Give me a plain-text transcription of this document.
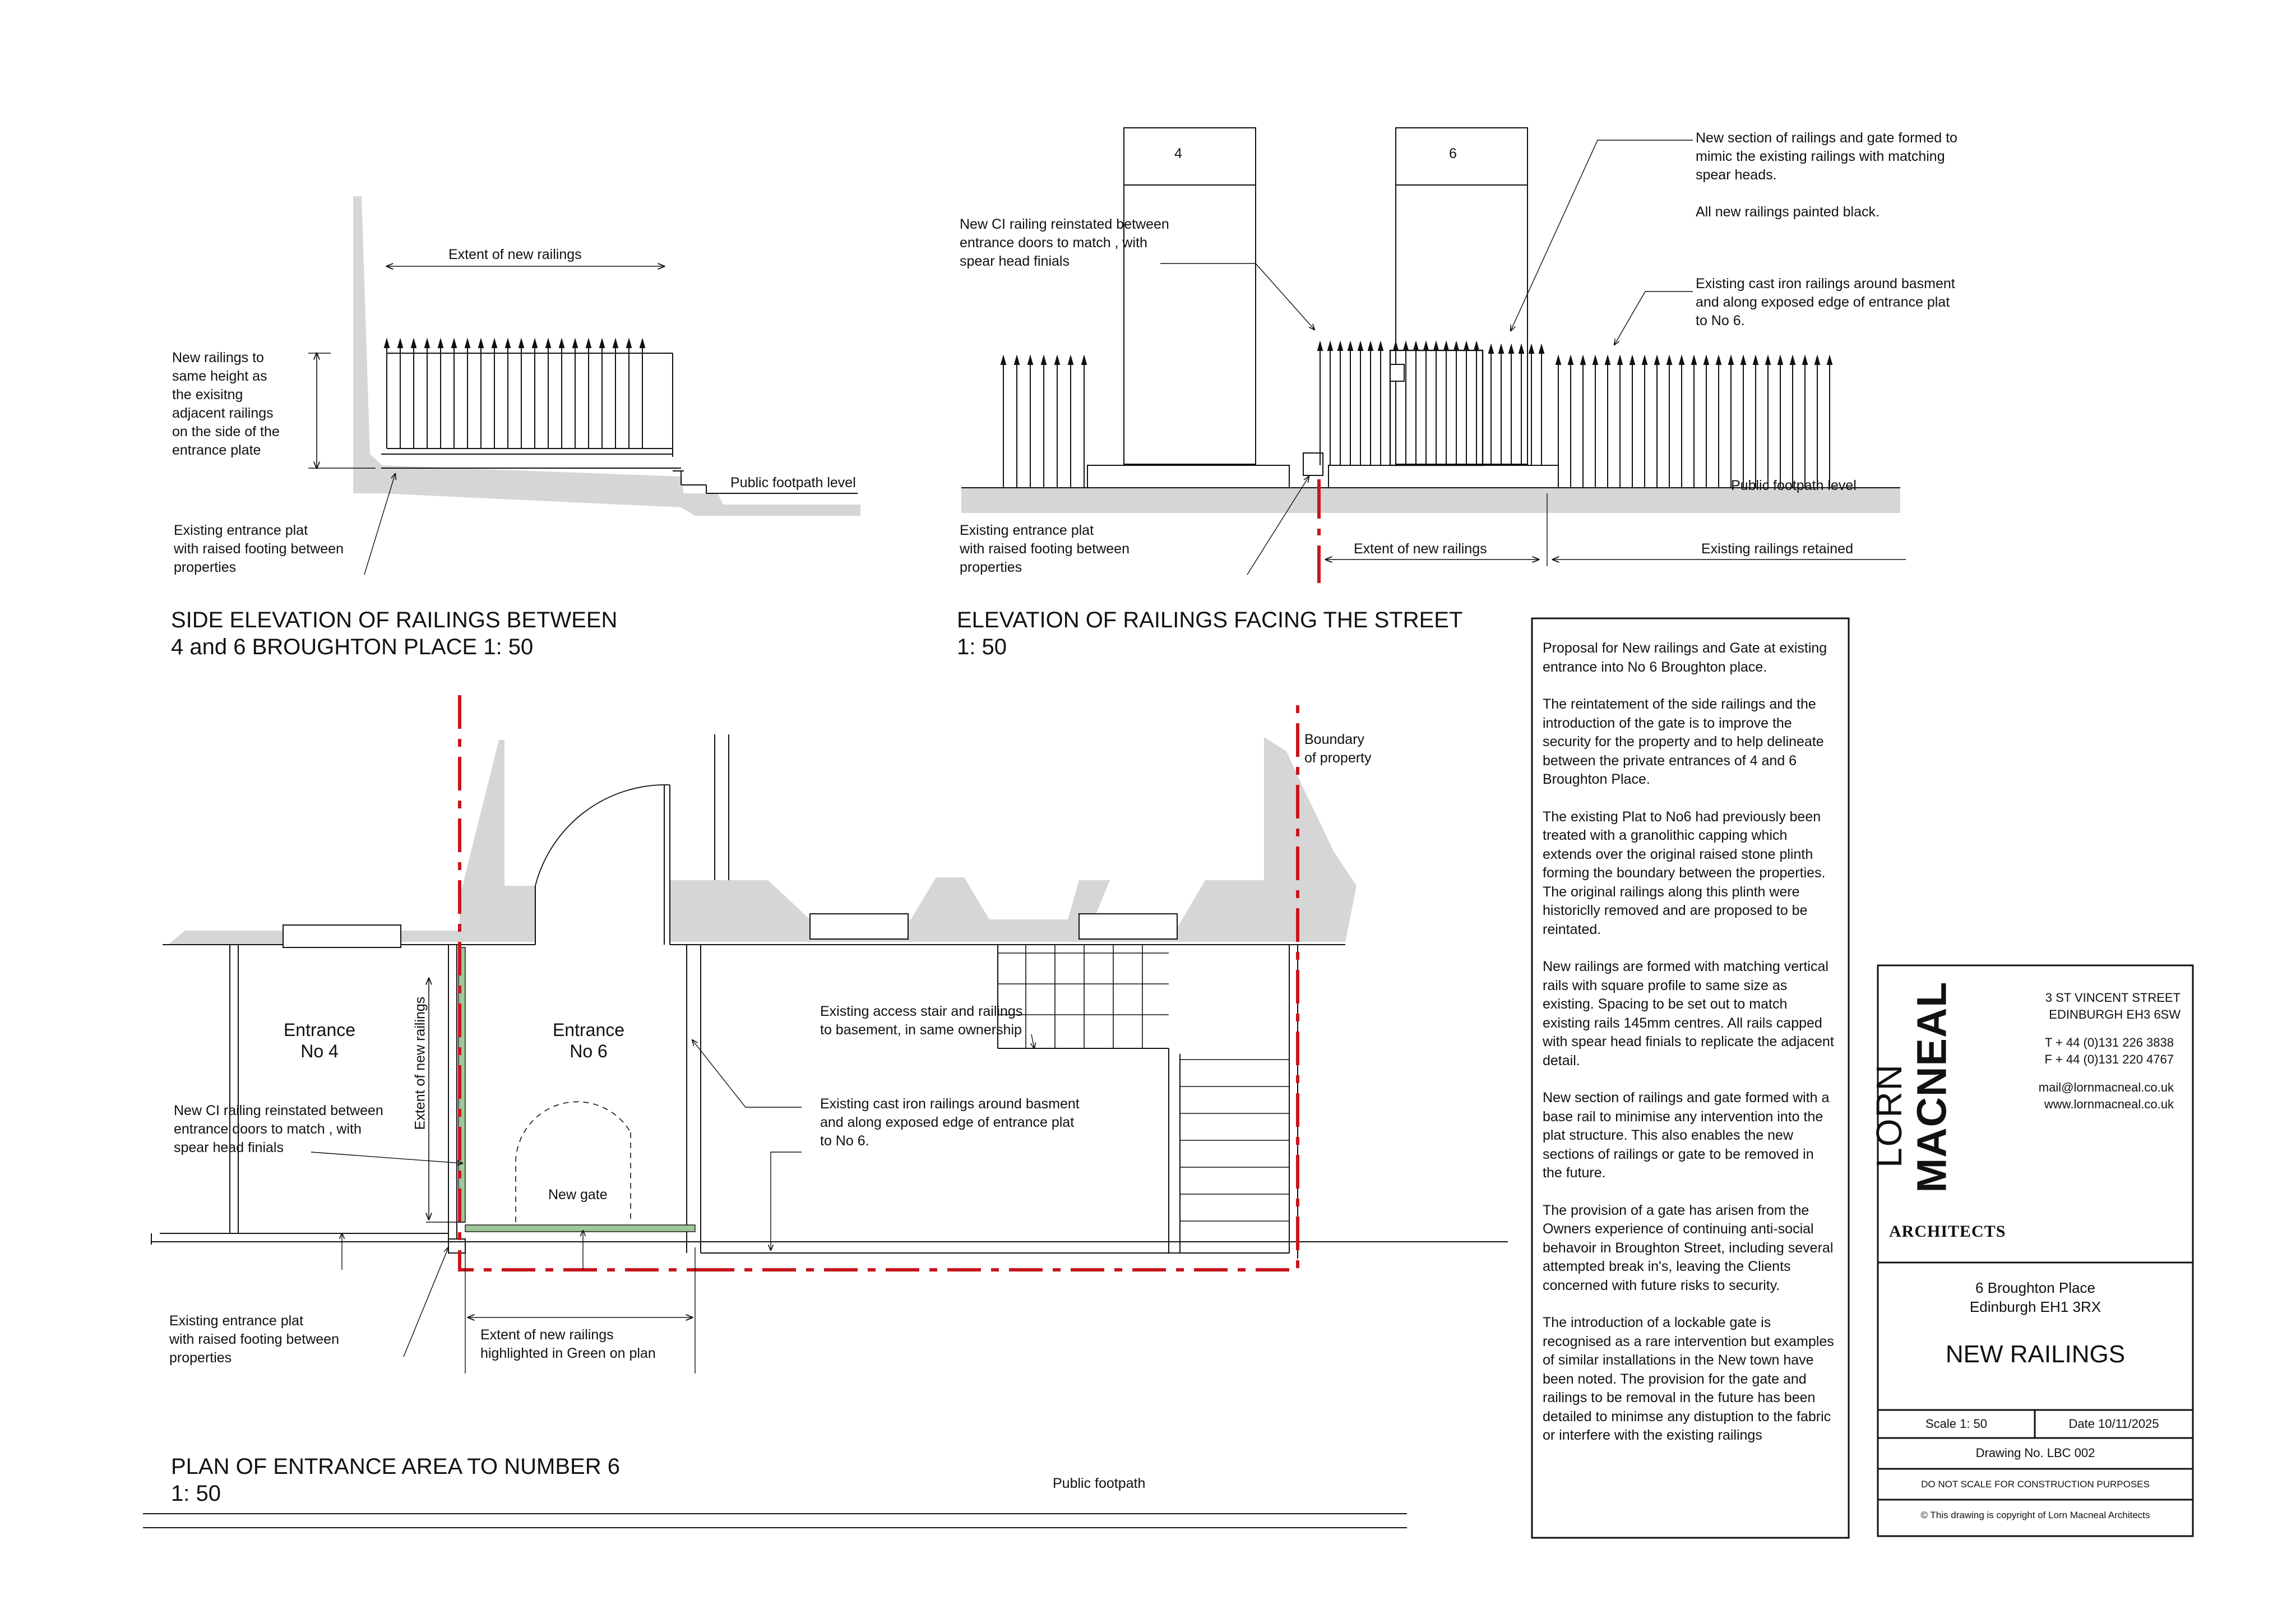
Extent of new railings
New railings to
same height as
the exisitng
adjacent railings
on the side of the
entrance plate
Public footpath level
Existing entrance plat
with raised footing between
properties
SIDE ELEVATION OF RAILINGS BETWEEN
4 and 6 BROUGHTON PLACE 1: 50
4	6
New CI railing reinstated between
entrance doors to match , with
spear head finials
New section of railings and gate formed to
mimic the existing railings with matching
spear heads.

All new railings painted black.
Existing cast iron railings around basment
and along exposed edge of entrance plat
to No 6.
Public footpath level
Existing entrance plat
with raised footing between
properties
Extent of new railings	Existing railings retained
ELEVATION OF RAILINGS FACING THE STREET
1: 50
Boundary
of property
Entrance
No 4
Entrance
No 6
Extent of new railings
New CI railing reinstated between
entrance doors to match , with
spear head finials
New gate
Existing access stair and railings
to basement, in same ownership
Existing cast iron railings around basment
and along exposed edge of entrance plat
to No 6.
Existing entrance plat
with raised footing between
properties
Extent of new railings
highlighted in Green on plan
Public footpath
PLAN OF ENTRANCE AREA TO NUMBER 6
1: 50

Proposal for New railings and Gate at existing entrance into No 6 Broughton place.

The reintatement of the side railings and the introduction of the gate is to improve the security for the property and to help delineate between the private entrances of 4 and 6 Broughton Place.

The existing Plat to No6 had previously been treated with a granolithic capping which extends over the original raised stone plinth forming the boundary between the properties. The original railings along this plinth were historiclly removed and are proposed to be reintated.

New railings are formed with matching vertical rails with square profile to same size as existing. Spacing to be set out to match existing rails 145mm centres. All rails capped with spear head finials to replicate the adjacent detail.

New section of railings and gate formed with a base rail to minimise any intervention into the plat structure. This also enables the new sections of railings or gate to be removed in the future.

The provision of a gate has arisen from the Owners experience of continuing anti-social behavoir in Broughton Street, including several attempted break in's, leaving the Clients concerned with future risks to security.

The introduction of a lockable gate is recognised as a rare intervention but examples of similar installations in the New town have been noted. The provision for the gate and railings to be removal in the future has been detailed to minimse any distuption to the fabric or interfere with the existing railings

LORN
MACNEAL
ARCHITECTS
3 ST VINCENT STREET
EDINBURGH EH3 6SW
T + 44 (0)131 226 3838
F + 44 (0)131 220 4767
mail@lornmacneal.co.uk
www.lornmacneal.co.uk
6 Broughton Place
Edinburgh EH1 3RX
NEW RAILINGS
Scale 1: 50	Date 10/11/2025
Drawing No. LBC 002
DO NOT SCALE FOR CONSTRUCTION PURPOSES
© This drawing is copyright of Lorn Macneal Architects
